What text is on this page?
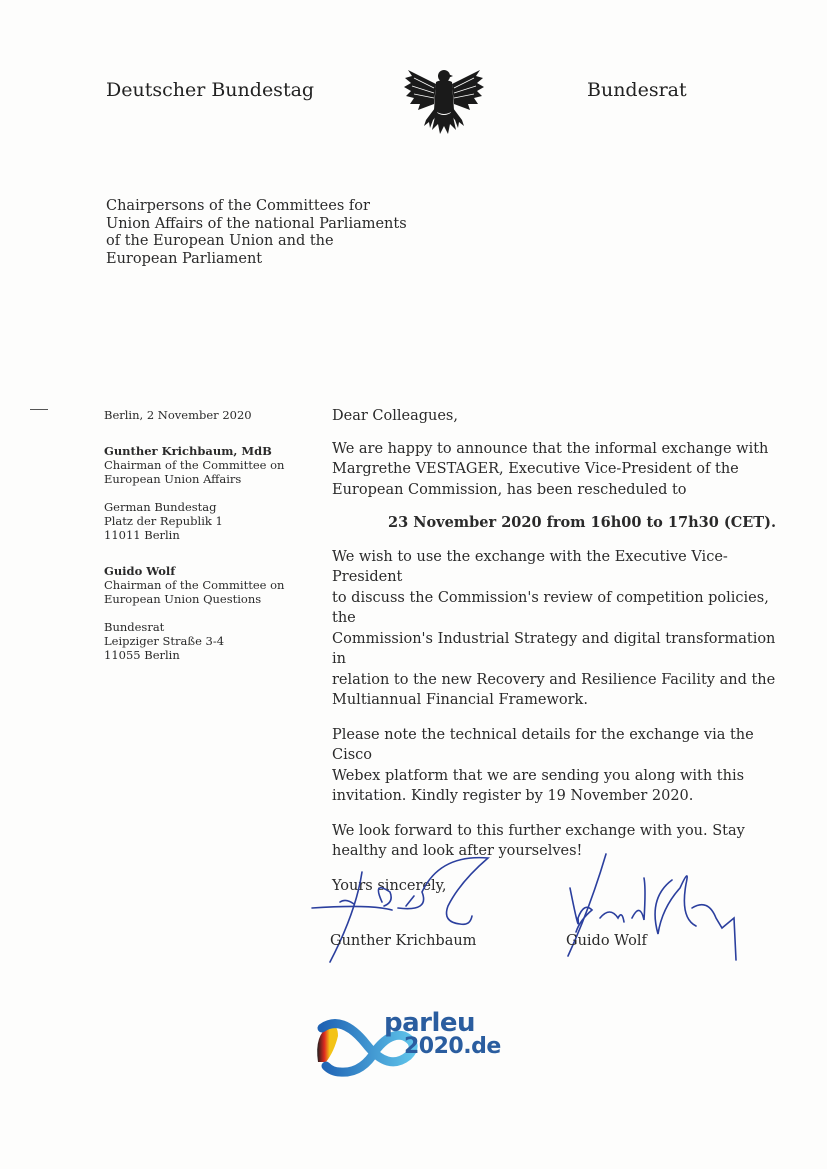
Deutscher Bundestag	Bundesrat
Chairpersons of the Committees for
Union Affairs of the national Parliaments
of the European Union and the
European Parliament
Berlin, 2 November 2020
Gunther Krichbaum, MdB
Chairman of the Committee on
European Union Affairs
German Bundestag
Platz der Republik 1
11011 Berlin
Guido Wolf
Chairman of the Committee on
European Union Questions
Bundesrat
Leipziger Straße 3-4
11055 Berlin
Dear Colleagues,
We are happy to announce that the informal exchange with
Margrethe VESTAGER, Executive Vice-President of the
European Commission, has been rescheduled to
23 November 2020 from 16h00 to 17h30 (CET).
We wish to use the exchange with the Executive Vice-President
to discuss the Commission's review of competition policies, the
Commission's Industrial Strategy and digital transformation in
relation to the new Recovery and Resilience Facility and the
Multiannual Financial Framework.
Please note the technical details for the exchange via the Cisco
Webex platform that we are sending you along with this
invitation. Kindly register by 19 November 2020.
We look forward to this further exchange with you. Stay
healthy and look after yourselves!
Yours sincerely,
Gunther Krichbaum	Guido Wolf
parleu
2020.de
